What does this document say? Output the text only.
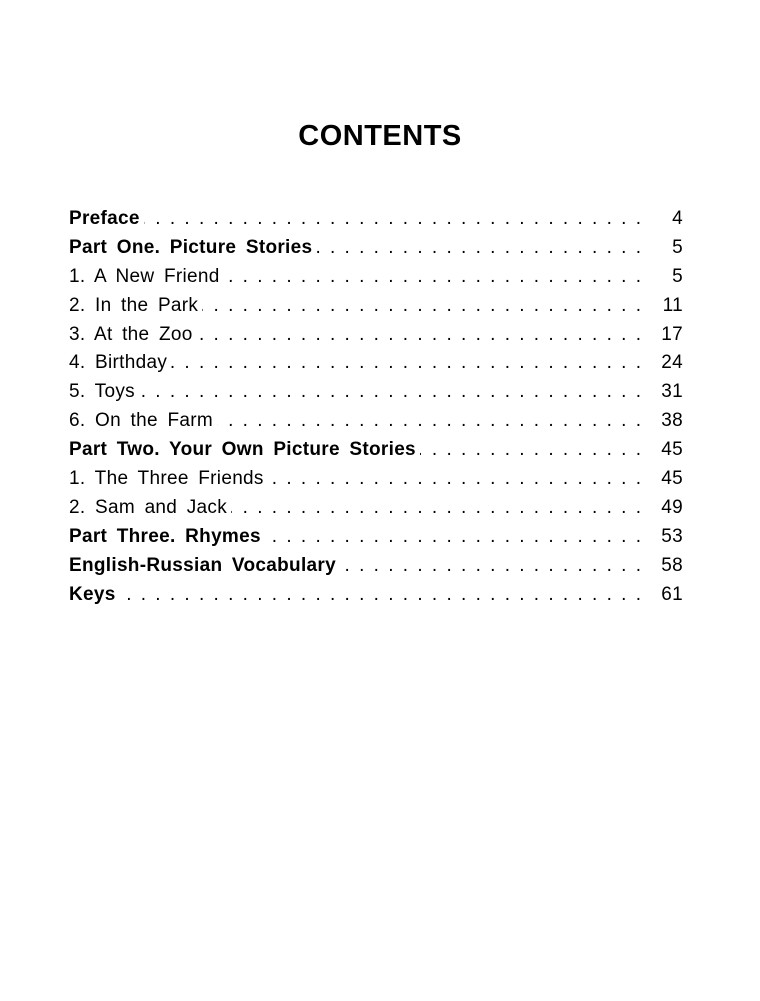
CONTENTS
Preface . . .	4
Part One. Picture Stories . . .	5
1. A New Friend . . .	5
2. In the Park . . .	11
3. At the Zoo . . .	17
4. Birthday . . .	24
5. Toys . . .	31
6. On the Farm . . .	38
Part Two. Your Own Picture Stories . . .	45
1. The Three Friends . . .	45
2. Sam and Jack . . .	49
Part Three. Rhymes . . .	53
English-Russian Vocabulary . . .	58
Keys . . .	61
